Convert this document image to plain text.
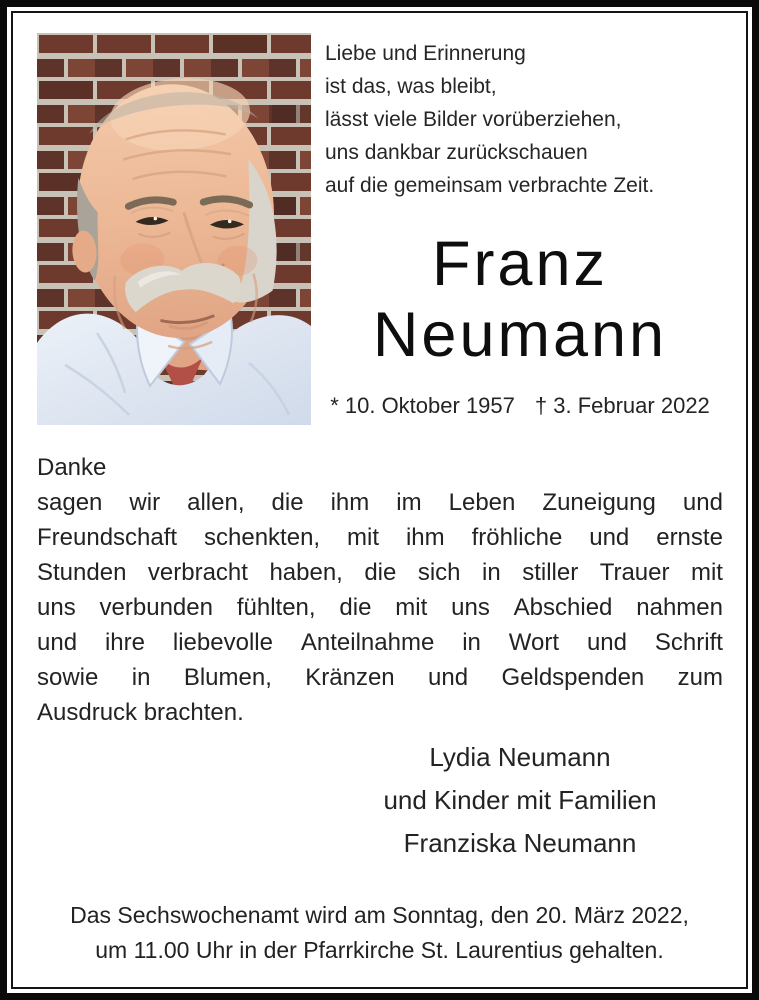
Liebe und Erinnerung
ist das, was bleibt,
lässt viele Bilder vorüberziehen,
uns dankbar zurückschauen
auf die gemeinsam verbrachte Zeit.
Franz
Neumann
* 10. Oktober 1957 † 3. Februar 2022
Danke
sagen wir allen, die ihm im Leben Zuneigung und
Freundschaft schenkten, mit ihm fröhliche und ernste
Stunden verbracht haben, die sich in stiller Trauer mit
uns verbunden fühlten, die mit uns Abschied nahmen
und ihre liebevolle Anteilnahme in Wort und Schrift
sowie in Blumen, Kränzen und Geldspenden zum
Ausdruck brachten.
Lydia Neumann
und Kinder mit Familien
Franziska Neumann
Das Sechswochenamt wird am Sonntag, den 20. März 2022,
um 11.00 Uhr in der Pfarrkirche St. Laurentius gehalten.
